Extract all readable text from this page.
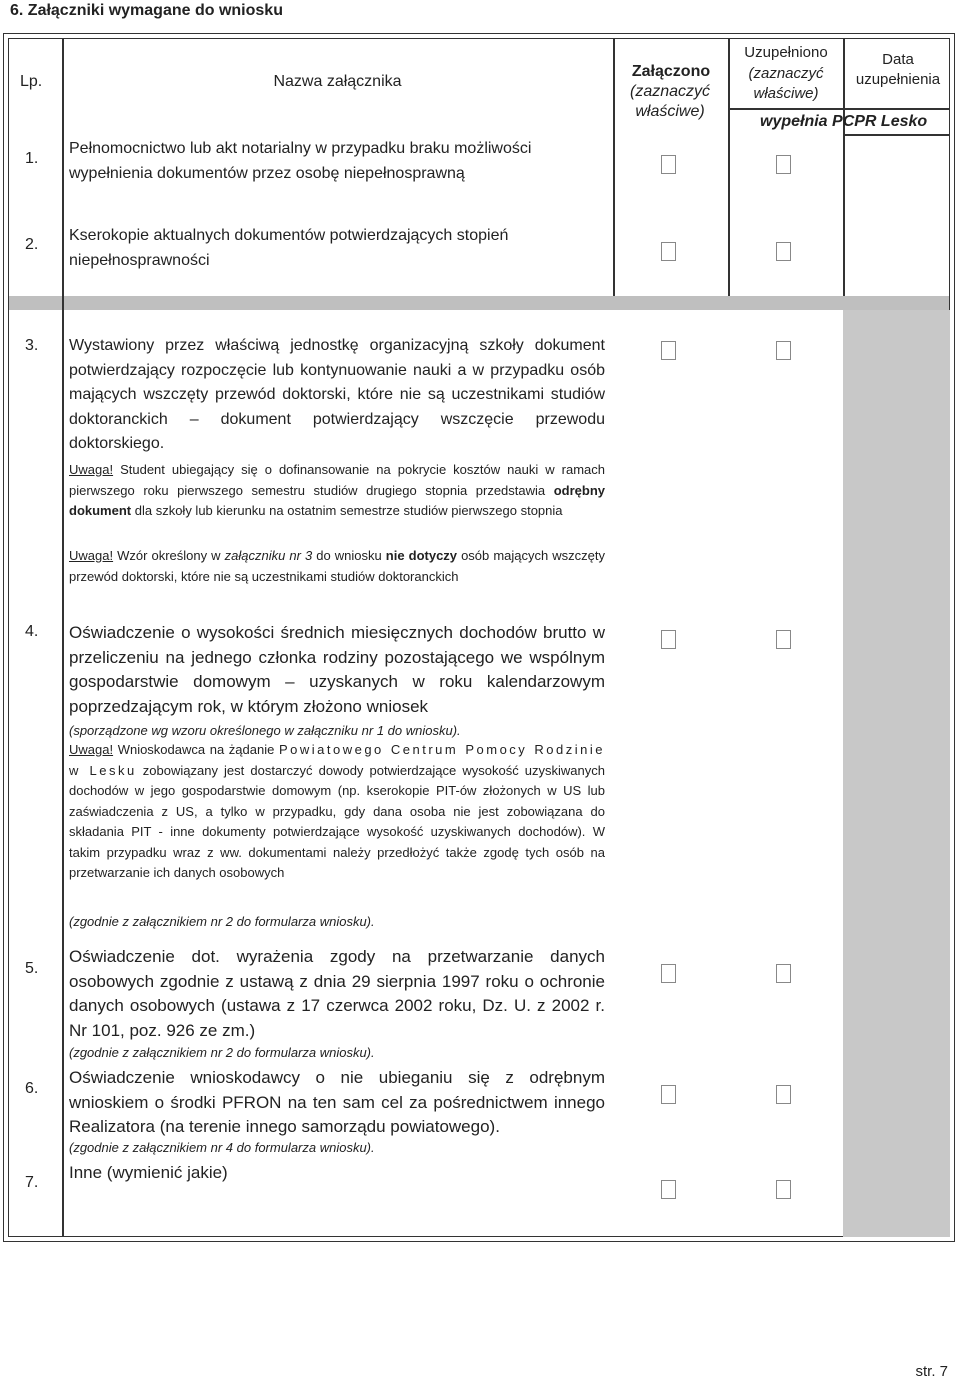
6. Załączniki wymagane do wniosku
Lp.	Nazwa załącznika
Załączono
(zaznaczyć właściwe)
Uzupełniono
(zaznaczyć właściwe)
Data uzupełnienia
wypełnia PCPR Lesko
1.
Pełnomocnictwo lub akt notarialny w przypadku braku możliwości wypełnienia dokumentów przez osobę niepełnosprawną
2.
Kserokopie aktualnych dokumentów potwierdzających stopień niepełnosprawności
3. Wystawiony przez właściwą jednostkę organizacyjną szkoły dokument potwierdzający rozpoczęcie lub kontynuowanie nauki a w przypadku osób mających wszczęty przewód doktorski, które nie są uczestnikami studiów doktoranckich – dokument potwierdzający wszczęcie przewodu doktorskiego.
Uwaga! Student ubiegający się o dofinansowanie na pokrycie kosztów nauki w ramach pierwszego roku pierwszego semestru studiów drugiego stopnia przedstawia odrębny dokument dla szkoły lub kierunku na ostatnim semestrze studiów pierwszego stopnia
Uwaga! Wzór określony w załączniku nr 3 do wniosku nie dotyczy osób mających wszczęty przewód doktorski, które nie są uczestnikami studiów doktoranckich
4. Oświadczenie o wysokości średnich miesięcznych dochodów brutto w przeliczeniu na jednego członka rodziny pozostającego we wspólnym gospodarstwie domowym – uzyskanych w roku kalendarzowym poprzedzającym rok, w którym złożono wniosek
(sporządzone wg wzoru określonego w załączniku nr 1 do wniosku).
Uwaga! Wnioskodawca na żądanie Powiatowego Centrum Pomocy Rodzinie w Lesku zobowiązany jest dostarczyć dowody potwierdzające wysokość uzyskiwanych dochodów w jego gospodarstwie domowym (np. kserokopie PIT-ów złożonych w US lub zaświadczenia z US, a tylko w przypadku, gdy dana osoba nie jest zobowiązana do składania PIT - inne dokumenty potwierdzające wysokość uzyskiwanych dochodów). W takim przypadku wraz z ww. dokumentami należy przedłożyć także zgodę tych osób na przetwarzanie ich danych osobowych
(zgodnie z załącznikiem nr 2 do formularza wniosku).
5.
Oświadczenie dot. wyrażenia zgody na przetwarzanie danych osobowych zgodnie z ustawą z dnia 29 sierpnia 1997 roku o ochronie danych osobowych (ustawa z 17 czerwca 2002 roku, Dz. U. z 2002 r. Nr 101, poz. 926 ze zm.)
(zgodnie z załącznikiem nr 2 do formularza wniosku).
6.
Oświadczenie wnioskodawcy o nie ubieganiu się z odrębnym wnioskiem o środki PFRON na ten sam cel za pośrednictwem innego Realizatora (na terenie innego samorządu powiatowego).
(zgodnie z załącznikiem nr 4 do formularza wniosku).
7.
Inne (wymienić jakie)
str. 7
